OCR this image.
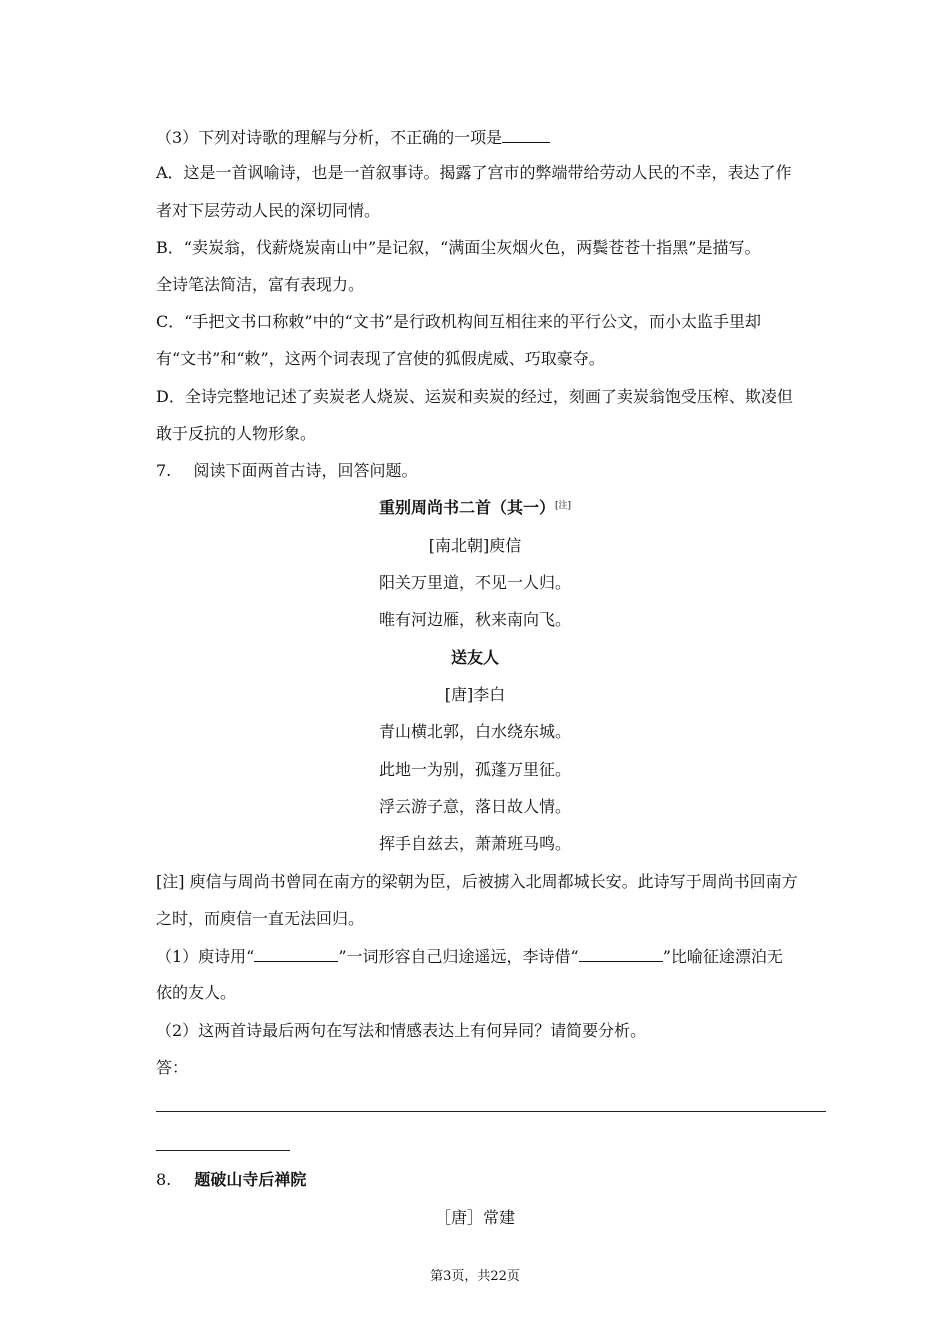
（3）下列对诗歌的理解与分析，不正确的一项是
A．这是一首讽喻诗，也是一首叙事诗。揭露了宫市的弊端带给劳动人民的不幸，表达了作
者对下层劳动人民的深切同情。
B．“卖炭翁，伐薪烧炭南山中”是记叙，“满面尘灰烟火色，两鬓苍苍十指黑”是描写。
全诗笔法简洁，富有表现力。
C．“手把文书口称敕”中的“文书”是行政机构间互相往来的平行公文，而小太监手里却
有“文书”和“敕”，这两个词表现了宫使的狐假虎威、巧取豪夺。
D．全诗完整地记述了卖炭老人烧炭、运炭和卖炭的经过，刻画了卖炭翁饱受压榨、欺凌但
敢于反抗的人物形象。
7. 阅读下面两首古诗，回答问题。
重别周尚书二首（其一）[注]
[南北朝]庾信
阳关万里道，不见一人归。
唯有河边雁，秋来南向飞。
送友人
[唐]李白
青山横北郭，白水绕东城。
此地一为别，孤蓬万里征。
浮云游子意，落日故人情。
挥手自兹去，萧萧班马鸣。
[注] 庾信与周尚书曾同在南方的梁朝为臣，后被掳入北周都城长安。此诗写于周尚书回南方
之时，而庾信一直无法回归。
（1）庾诗用“	”一词形容自己归途遥远，李诗借“	”比喻征途漂泊无
依的友人。
（2）这两首诗最后两句在写法和情感表达上有何异同？请简要分析。
答：
8. 题破山寺后禅院
［唐］常建
第3页，共22页
